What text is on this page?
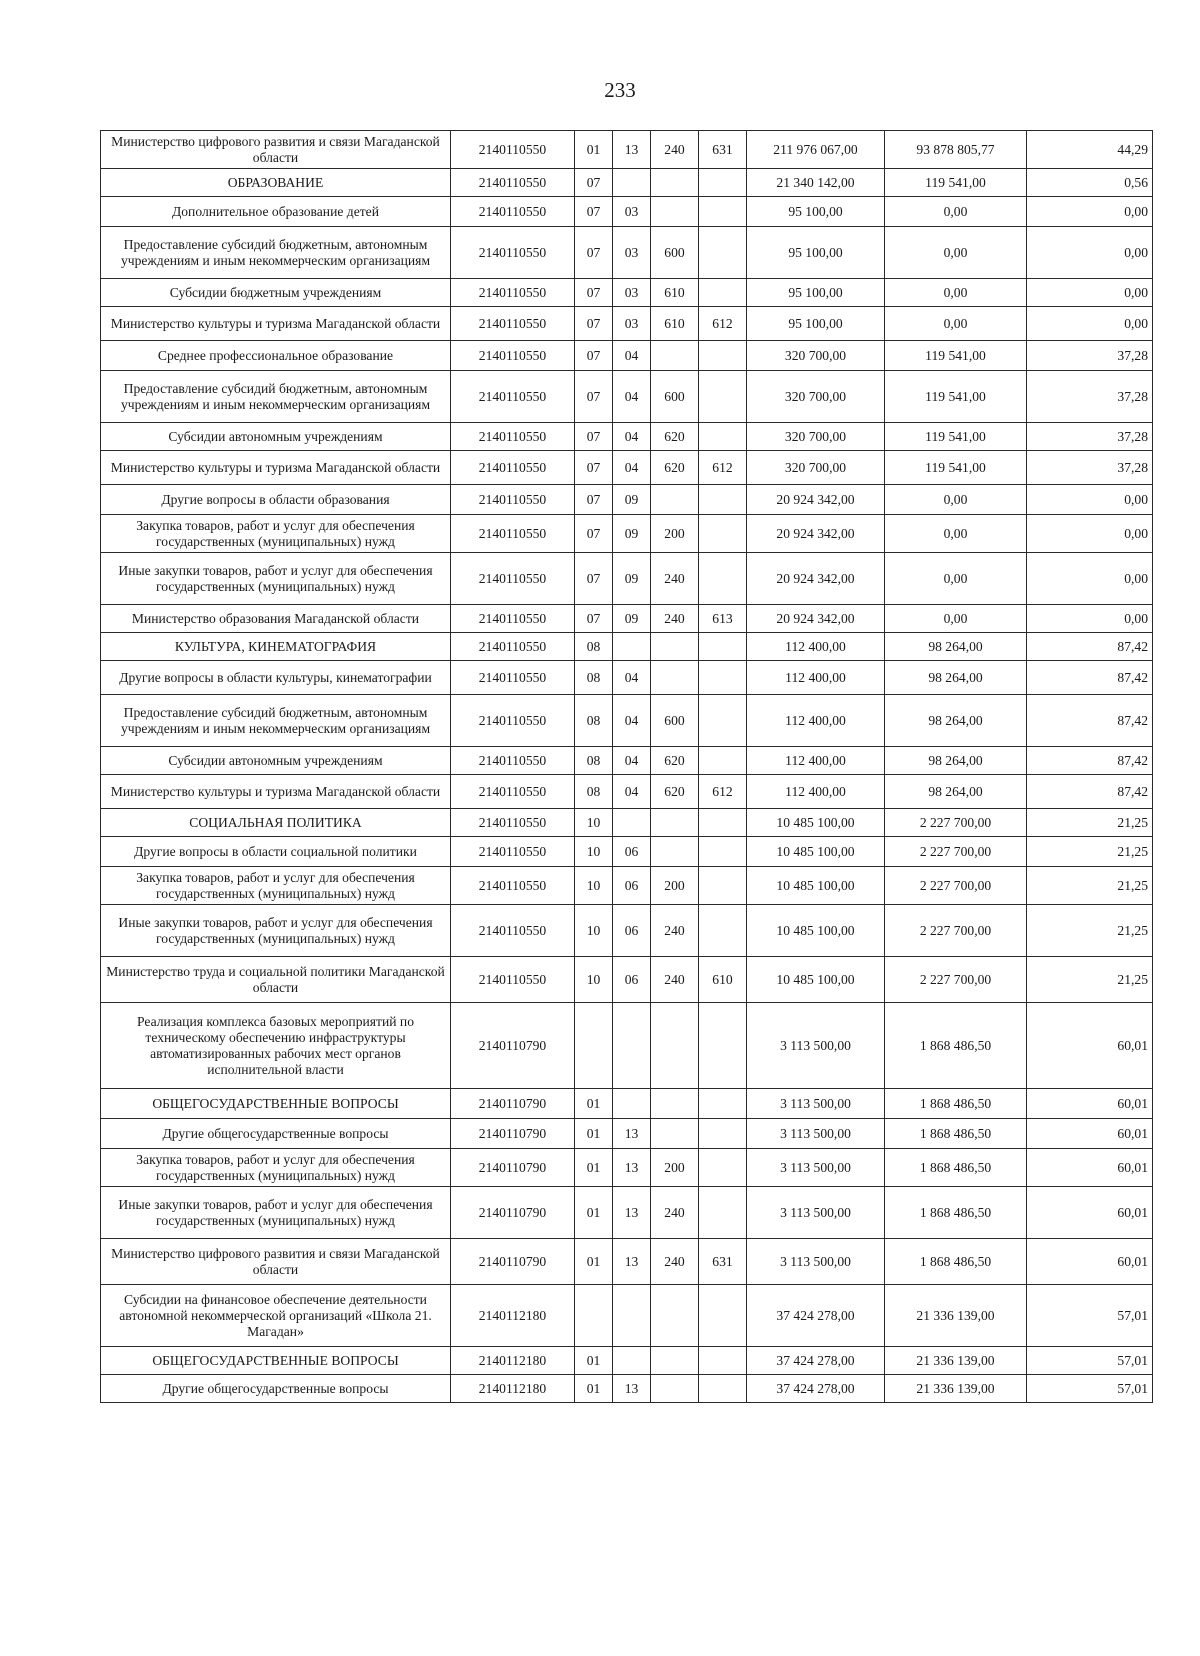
233
Министерство цифрового развития и связи Магаданской области	2140110550	01	13	240	631	211 976 067,00	93 878 805,77	44,29
ОБРАЗОВАНИЕ	2140110550	07				21 340 142,00	119 541,00	0,56
Дополнительное образование детей	2140110550	07	03			95 100,00	0,00	0,00
Предоставление субсидий бюджетным, автономным учреждениям и иным некоммерческим организациям	2140110550	07	03	600		95 100,00	0,00	0,00
Субсидии бюджетным учреждениям	2140110550	07	03	610		95 100,00	0,00	0,00
Министерство культуры и туризма Магаданской области	2140110550	07	03	610	612	95 100,00	0,00	0,00
Среднее профессиональное образование	2140110550	07	04			320 700,00	119 541,00	37,28
Предоставление субсидий бюджетным, автономным учреждениям и иным некоммерческим организациям	2140110550	07	04	600		320 700,00	119 541,00	37,28
Субсидии автономным учреждениям	2140110550	07	04	620		320 700,00	119 541,00	37,28
Министерство культуры и туризма Магаданской области	2140110550	07	04	620	612	320 700,00	119 541,00	37,28
Другие вопросы в области образования	2140110550	07	09			20 924 342,00	0,00	0,00
Закупка товаров, работ и услуг для обеспечения государственных (муниципальных) нужд	2140110550	07	09	200		20 924 342,00	0,00	0,00
Иные закупки товаров, работ и услуг для обеспечения государственных (муниципальных) нужд	2140110550	07	09	240		20 924 342,00	0,00	0,00
Министерство образования Магаданской области	2140110550	07	09	240	613	20 924 342,00	0,00	0,00
КУЛЬТУРА, КИНЕМАТОГРАФИЯ	2140110550	08				112 400,00	98 264,00	87,42
Другие вопросы в области культуры, кинематографии	2140110550	08	04			112 400,00	98 264,00	87,42
Предоставление субсидий бюджетным, автономным учреждениям и иным некоммерческим организациям	2140110550	08	04	600		112 400,00	98 264,00	87,42
Субсидии автономным учреждениям	2140110550	08	04	620		112 400,00	98 264,00	87,42
Министерство культуры и туризма Магаданской области	2140110550	08	04	620	612	112 400,00	98 264,00	87,42
СОЦИАЛЬНАЯ ПОЛИТИКА	2140110550	10				10 485 100,00	2 227 700,00	21,25
Другие вопросы в области социальной политики	2140110550	10	06			10 485 100,00	2 227 700,00	21,25
Закупка товаров, работ и услуг для обеспечения государственных (муниципальных) нужд	2140110550	10	06	200		10 485 100,00	2 227 700,00	21,25
Иные закупки товаров, работ и услуг для обеспечения государственных (муниципальных) нужд	2140110550	10	06	240		10 485 100,00	2 227 700,00	21,25
Министерство труда и социальной политики Магаданской области	2140110550	10	06	240	610	10 485 100,00	2 227 700,00	21,25
Реализация комплекса базовых мероприятий по техническому обеспечению инфраструктуры автоматизированных рабочих мест органов исполнительной власти	2140110790					3 113 500,00	1 868 486,50	60,01
ОБЩЕГОСУДАРСТВЕННЫЕ ВОПРОСЫ	2140110790	01				3 113 500,00	1 868 486,50	60,01
Другие общегосударственные вопросы	2140110790	01	13			3 113 500,00	1 868 486,50	60,01
Закупка товаров, работ и услуг для обеспечения государственных (муниципальных) нужд	2140110790	01	13	200		3 113 500,00	1 868 486,50	60,01
Иные закупки товаров, работ и услуг для обеспечения государственных (муниципальных) нужд	2140110790	01	13	240		3 113 500,00	1 868 486,50	60,01
Министерство цифрового развития и связи Магаданской области	2140110790	01	13	240	631	3 113 500,00	1 868 486,50	60,01
Субсидии на финансовое обеспечение деятельности автономной некоммерческой организаций «Школа 21. Магадан»	2140112180					37 424 278,00	21 336 139,00	57,01
ОБЩЕГОСУДАРСТВЕННЫЕ ВОПРОСЫ	2140112180	01				37 424 278,00	21 336 139,00	57,01
Другие общегосударственные вопросы	2140112180	01	13			37 424 278,00	21 336 139,00	57,01
